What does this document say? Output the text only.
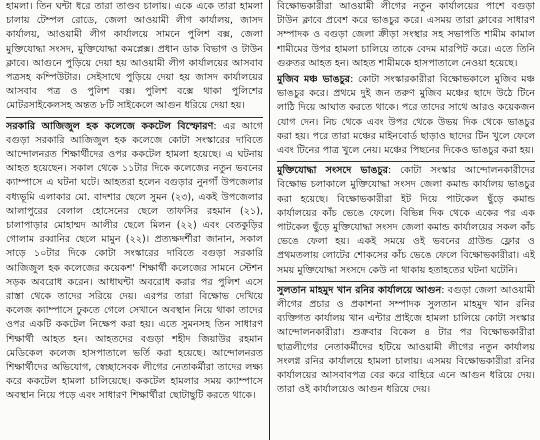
হামলা। তিন ঘন্টা ধরে তারা তাণ্ডব চালায়। একে একে তারা হামলা চালায় টেম্পল রোডে, জেলা আওয়ামী লীগ কার্যালয়, জাসদ কার্যালয়, আওয়ামী লীগ কার্যালয়ে সামনে পুলিশ বক্স, জেলা মুক্তিযোদ্ধা সংসদ, মুক্তিযোদ্ধা কমপ্লেক্স। প্রধান ডাক বিভাগ ও টাউন ক্লাবে। আগুনে পুড়িয়ে দেয়া হয় আওয়ামী লীগ কার্যালয়ের আসবাব পত্রসহ কম্পিউটার। সেইসাথে পুড়িয়ে দেয়া হয় জাসদ কার্যালয়ের আসবাব পত্র ও পুলিশ বক্স। পুলিশ বক্সে থাকা পুলিশের মোটরসাইকেলসহ অন্তত ৮টি সাইকেলে আগুন ধরিয়ে দেয়া হয়।

সরকারি আজিজুল হক কলেজে ককটেল বিস্ফোরণ: এর আগে বগুড়া সরকারি আজিজুল হক কলেজে কোটা সংস্কারের দাবিতে আন্দোলনরত শিক্ষার্থীদের ওপর ককটেল হামলা হয়েছে। এ ঘটনায় আহত হয়েছেন। সকাল থেকে ১১টার দিকে কলেজের নতুন ভবনের ক্যাম্পাসে এ ঘটনা ঘটে। আহতরা হলেন বগুড়ার নুনগাঁ উপজেলার বধ্যভূমি এলাকার মো. বাদশার ছেলে সুমন (২৩), একই উপজেলার আলাপুরের বেলাল হোসেনের ছেলে তাফসির রহমান (২১), চালাপাড়ার মোহাম্মদ আলীর ছেলে মিলন (২২) এবং বেতকুড়ির গোলাম রব্বানির ছেলে মামুন (২২)। প্রত্যক্ষদর্শীরা জানান, সকাল সাড়ে ১০টার দিকে কোটা সংস্কারের দাবিতে বগুড়া সরকারি আজিজুল হক কলেজের কয়েকশ' শিক্ষার্থী কলেজের সামনে স্টেশন সড়ক অবরোধ করেন। আধাঘন্টা অবরোধ করার পর পুলিশ এসে রাস্তা থেকে তাদের সরিয়ে দেয়। এরপর তারা বিক্ষোভ দেখিয়ে কলেজ ক্যাম্পাসে ঢুকতে গেলে সেখানে অবস্থান নিয়ে থাকা তাদের ওপর একটি ককটেল নিক্ষেপ করা হয়। এতে সুমনসহ তিন সাধারণ শিক্ষার্থী আহত হন। আহতদের বগুড়া শহীদ জিয়াউর রহমান মেডিকেল কলেজ হাসপাতালে ভর্তি করা হয়েছে। আন্দোলনরত শিক্ষার্থীদের অভিযোগ, স্বেচ্ছাসেবক লীগের নেতাকর্মীরা তাদের লক্ষ্য করে ককটেল হামলা চালিয়েছে। ককটেল হামলার সময় ক্যাম্পাসে অবস্থান নিয়ে পড়ে এবং সাধারণ শিক্ষার্থীরা ছোটাছুটি করতে থাকে।

বিক্ষোভকারীরা আওয়ামী লীগের নতুন কার্যালয়ের পাশে বগুড়া টাউন ক্লাবে প্রবেশ করে ভাঙচুর করে। এসময় তারা ক্লাবের সাধারণ সম্পাদক ও বগুড়া জেলা ক্রীড়া সংস্থার সহ সভাপতি শামীম কামাল শামীমের উপর হামলা চালিয়ে তাকে বেদম মারপিট করে। এতে তিনি গুরুতর আহত হন। আহত শামীমকে হাসপাতালে নেওয়া হয়েছে।

মুজিব মঞ্চ ভাঙচুর: কোটা সংস্কারকারীরা বিক্ষোভকালে মুজিব মঞ্চ ভাঙচুর করে। প্রথমে দুই জন তরুণ মুজিব মঞ্চের ছাদে উঠে টিনে লাঠি দিয়ে আঘাত করতে থাকে। পরে তাদের সাথে আরও কয়েকজন যোগ দেন। নিচ থেকে এবং উপর থেকে উভয় দিক থেকে ভাঙচুর করা হয়। পরে তারা মঞ্চের মাইনবোর্ড ছাড়াও ছাদের টিন খুলে ফেলে এবং টিনের পাত্র খুলে নেয়। মঞ্চের পিছনের দিকেও ভাঙচুর করা হয়।

মুক্তিযোদ্ধা সংসদে ভাঙচুর: কোটা সংস্কার আন্দোলনকারীদের বিক্ষোভ চলাকালে মুক্তিযোদ্ধা সংসদ জেলা কমান্ড কার্যালয় ভাঙচুর করা হয়েছে। বিক্ষোভকারীরা ইট দিয়ে পাটকেল ছুঁড়ে কমান্ড কার্যালয়ের কাঁচ ভেঙে ফেলে। বিভিন্ন দিক থেকে একের পর এক পাটকেল ছুঁড়ে মুক্তিযোদ্ধা সংসদ জেলা কমান্ড কার্যালয়ের সকল কাঁচ ভেঙে ফেলা হয়। একই সময়ে ওই ভবনের গ্রাউন্ড ফ্লোর ও প্রথমতলায় লোটের শোকসের কাঁচ ভেঙে ফেলে বিক্ষোভকারীরা। এই সময় মুক্তিযোদ্ধা সংসদে কেউ না থাকায় হতাহতের ঘটনা ঘটেনি।

সুলতান মাহমুদ খান রনির কার্যালয়ে আগুন: বগুড়া জেলা আওয়ামী লীগের প্রচার ও প্রকাশনা সম্পাদক সুলতান মাহমুদ খান রনির ব্যক্তিগত কার্যালয় খান এন্টার প্রাইজে হামলা চালিয়ে কোটা সংস্কার আন্দোলনকারীরা। শুক্রবার বিকেল ৪ টার পর বিক্ষোভকারীরা ছাত্রলীগের নেতাকর্মীদের হটিয়ে আওয়ামী লীগের নতুন কার্যালয় সংলগ্ন রনির কার্যালয়ে হামলা চালায়। এসময় বিক্ষোভকারীরা রনির কার্যালয়ের আসবাবপত্র বের করে বাহিরে এনে আগুন ধরিয়ে দেয়। তারা ওই কার্যালয়েও আগুন ধরিয়ে দেয়।
